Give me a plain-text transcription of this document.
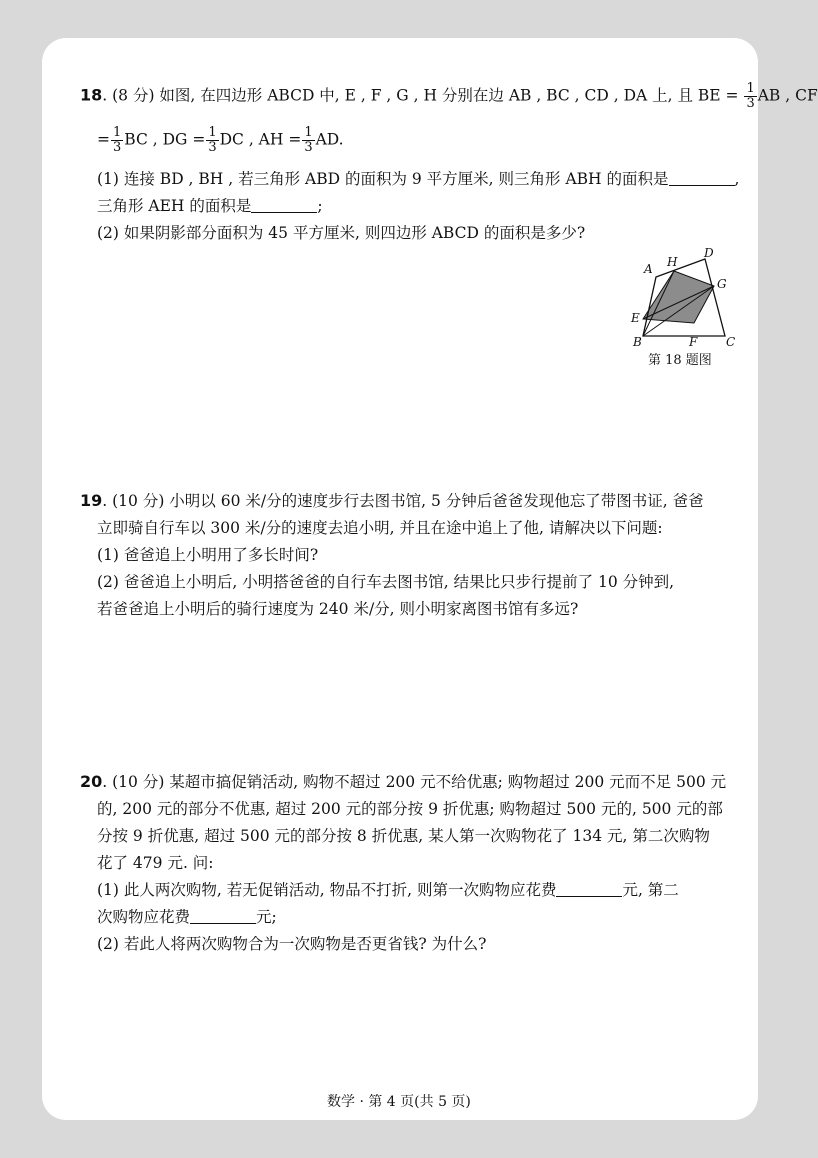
18. (8 分) 如图, 在四边形 ABCD 中, E , F , G , H 分别在边 AB , BC , CD , DA 上, 且 BE = $\frac{1}{3}$ AB , CF
= $\frac{1}{3}$ BC , DG = $\frac{1}{3}$ DC , AH = $\frac{1}{3}$ AD.
(1) 连接 BD , BH , 若三角形 ABD 的面积为 9 平方厘米, 则三角形 ABH 的面积是	,
三角形 AEH 的面积是	;
(2) 如果阴影部分面积为 45 平方厘米, 则四边形 ABCD 的面积是多少?
A H
D
G
E
B	F C
第 18 题图
19. (10 分) 小明以 60 米/分的速度步行去图书馆, 5 分钟后爸爸发现他忘了带图书证, 爸爸
立即骑自行车以 300 米/分的速度去追小明, 并且在途中追上了他, 请解决以下问题:
(1) 爸爸追上小明用了多长时间?
(2) 爸爸追上小明后, 小明搭爸爸的自行车去图书馆, 结果比只步行提前了 10 分钟到,
若爸爸追上小明后的骑行速度为 240 米/分, 则小明家离图书馆有多远?
20. (10 分) 某超市搞促销活动, 购物不超过 200 元不给优惠; 购物超过 200 元而不足 500 元
的, 200 元的部分不优惠, 超过 200 元的部分按 9 折优惠; 购物超过 500 元的, 500 元的部
分按 9 折优惠, 超过 500 元的部分按 8 折优惠, 某人第一次购物花了 134 元, 第二次购物
花了 479 元. 问:
(1) 此人两次购物, 若无促销活动, 物品不打折, 则第一次购物应花费	元, 第二
次购物应花费	元;
(2) 若此人将两次购物合为一次购物是否更省钱? 为什么?
数学 · 第 4 页(共 5 页)
